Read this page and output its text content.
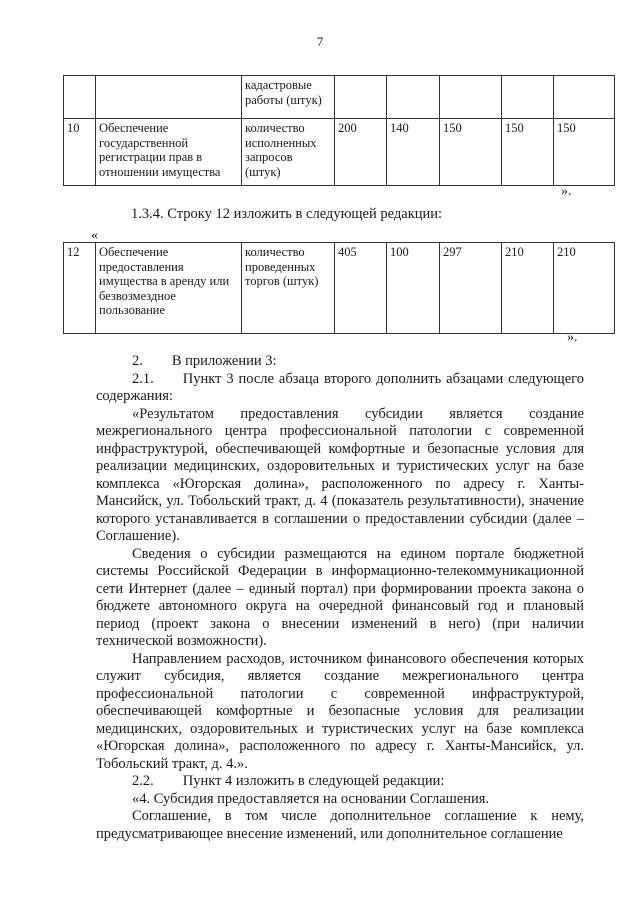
7
		кадастровые работы (штук)					
10	Обеспечение государственной регистрации прав в отношении имущества	количество исполненных запросов (штук)	200	140	150	150	150
».
1.3.4. Строку 12 изложить в следующей редакции:
«
12	Обеспечение предоставления имущества в аренду или безвозмездное пользование	количество проведенных торгов (штук)	405	100	297	210	210
».

2.  В приложении 3:

2.1.  Пункт 3 после абзаца второго дополнить абзацами следующего содержания:

«Результатом предоставления субсидии является создание межрегионального центра профессиональной патологии с современной инфраструктурой, обеспечивающей комфортные и безопасные условия для реализации медицинских, оздоровительных и туристических услуг на базе комплекса «Югорская долина», расположенного по адресу г. Ханты-Мансийск, ул. Тобольский тракт, д. 4 (показатель результативности), значение которого устанавливается в соглашении о предоставлении субсидии (далее – Соглашение).

Сведения о субсидии размещаются на едином портале бюджетной системы Российской Федерации в информационно-телекоммуникационной сети Интернет (далее – единый портал) при формировании проекта закона о бюджете автономного округа на очередной финансовый год и плановый период (проект закона о внесении изменений в него) (при наличии технической возможности).

Направлением расходов, источником финансового обеспечения которых служит субсидия, является создание межрегионального центра профессиональной патологии с современной инфраструктурой, обеспечивающей комфортные и безопасные условия для реализации медицинских, оздоровительных и туристических услуг на базе комплекса «Югорская долина», расположенного по адресу г. Ханты-Мансийск, ул. Тобольский тракт, д. 4.».

2.2.  Пункт 4 изложить в следующей редакции:

«4. Субсидия предоставляется на основании Соглашения.

Соглашение, в том числе дополнительное соглашение к нему, предусматривающее внесение изменений, или дополнительное соглашение
